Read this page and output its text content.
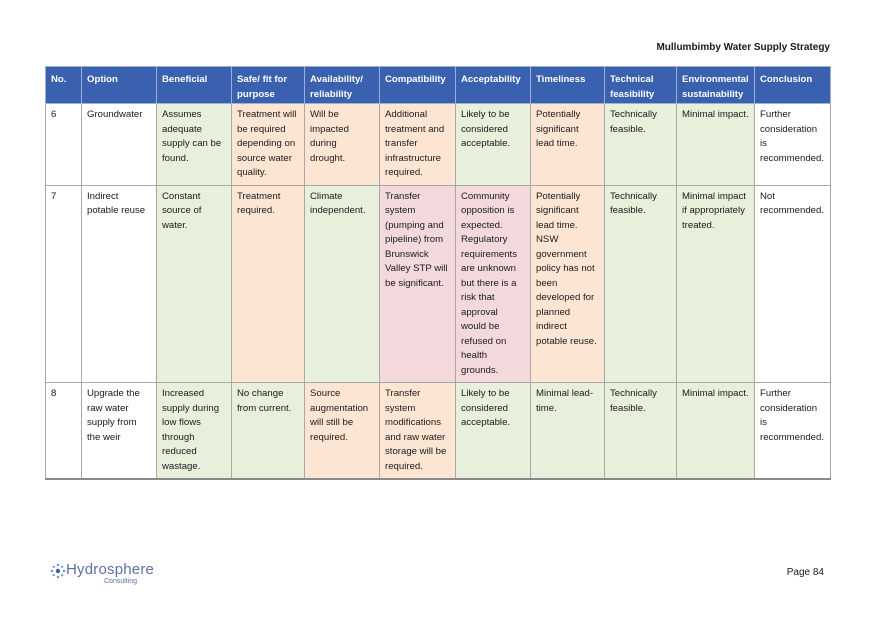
Mullumbimby Water Supply Strategy
No.	Option	Beneficial	Safe/ fit for purpose	Availability/ reliability	Compatibility	Acceptability	Timeliness	Technical feasibility	Environmental sustainability	Conclusion
6	Groundwater	Assumes adequate supply can be found.	Treatment will be required depending on source water quality.	Will be impacted during drought.	Additional treatment and transfer infrastructure required.	Likely to be considered acceptable.	Potentially significant lead time.	Technically feasible.	Minimal impact.	Further consideration is recommended.
7	Indirect potable reuse	Constant source of water.	Treatment required.	Climate independent.	Transfer system (pumping and pipeline) from Brunswick Valley STP will be significant.	Community opposition is expected. Regulatory requirements are unknown but there is a risk that approval would be refused on health grounds.	Potentially significant lead time. NSW government policy has not been developed for planned indirect potable reuse.	Technically feasible.	Minimal impact if appropriately treated.	Not recommended.
8	Upgrade the raw water supply from the weir	Increased supply during low flows through reduced wastage.	No change from current.	Source augmentation will still be required.	Transfer system modifications and raw water storage will be required.	Likely to be considered acceptable.	Minimal lead-time.	Technically feasible.	Minimal impact.	Further consideration is recommended.
Hydrosphere
Consulting
Page 84
